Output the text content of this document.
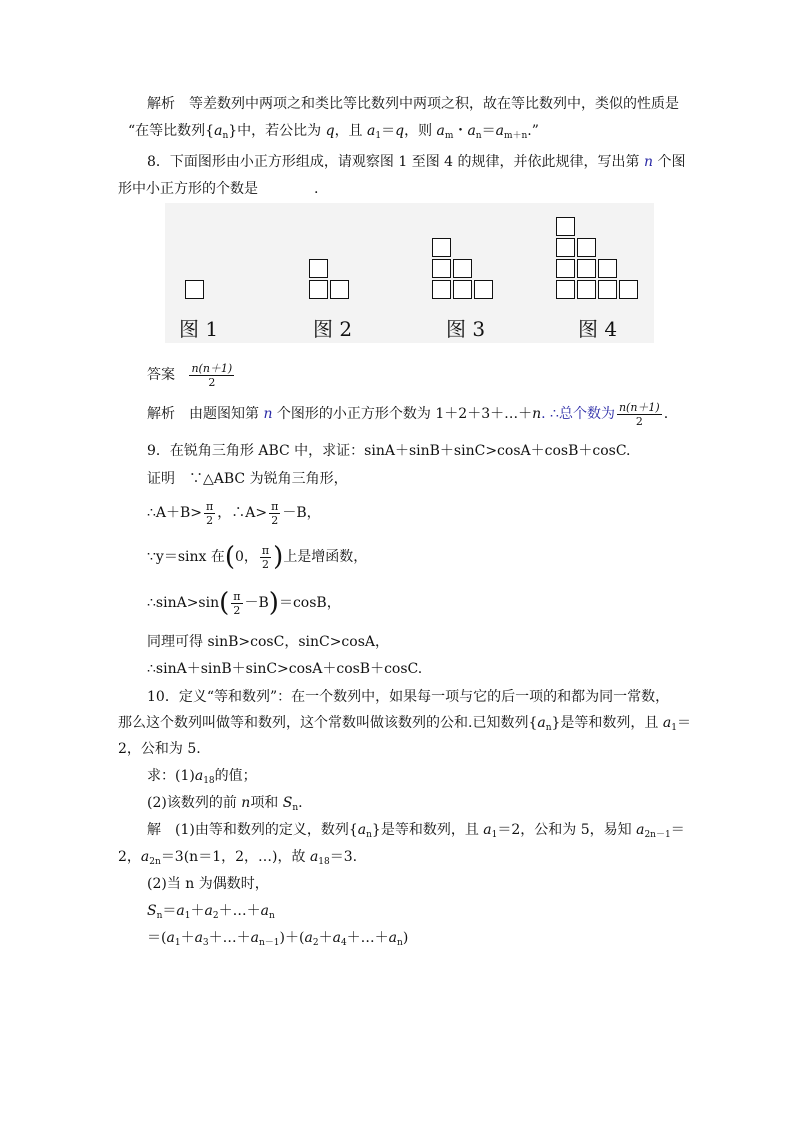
解析　等差数列中两项之和类比等比数列中两项之积，故在等比数列中，类似的性质是
“在等比数列$\{a_n\}$中，若公比为 q，且 $a_1=q$，则 $a_m$・$a_n=a_{m+n}$.”
8．下面图形由小正方形组成，请观察图 1 至图 4 的规律，并依此规律，写出第 n 个图
形中小正方形的个数是　　　　.
图 1	图 2	图 3	图 4
答案 $\frac{n(n+1)}{2}$
解析　由题图知第 n 个图形的小正方形个数为 1＋2＋3＋…＋n. ∴总个数为 $\frac{n(n+1)}{2}$ .
9．在锐角三角形 ABC 中，求证：sinA＋sinB＋sinC>cosA＋cosB＋cosC.
证明　∵△ABC 为锐角三角形，
∴A＋B> $\frac{\pi}{2}$ ，∴A> $\frac{\pi}{2} -B$，
∵y＝sinx 在(0， $\frac{\pi}{2}$ )上是增函数，
∴sinA>sin( $\frac{\pi}{2} -B)=\cos B$，
同理可得 sinB>cosC，sinC>cosA，
∴sinA＋sinB＋sinC>cosA＋cosB＋cosC.
10．定义“等和数列”：在一个数列中，如果每一项与它的后一项的和都为同一常数，
那么这个数列叫做等和数列，这个常数叫做该数列的公和.已知数列$\{a_n\}$是等和数列，且 $a_1=$
2，公和为 5.
求：$(1)a_{18}$的值；
(2)该数列的前 n项和 $S_n$.
解　(1)由等和数列的定义，数列$\{a_n\}$是等和数列，且 $a_1=2$，公和为 5，易知 $a_{2n-1}=$
2，$a_{2n}=3(n=1$，2，…)，故 $a_{18}=3$.
(2)当 n 为偶数时，
$S_n=a_1+a_2+\dots+a_n$
$=(a_1+a_3+\dots+a_{n-1})+(a_2+a_4+\dots+a_n)$
